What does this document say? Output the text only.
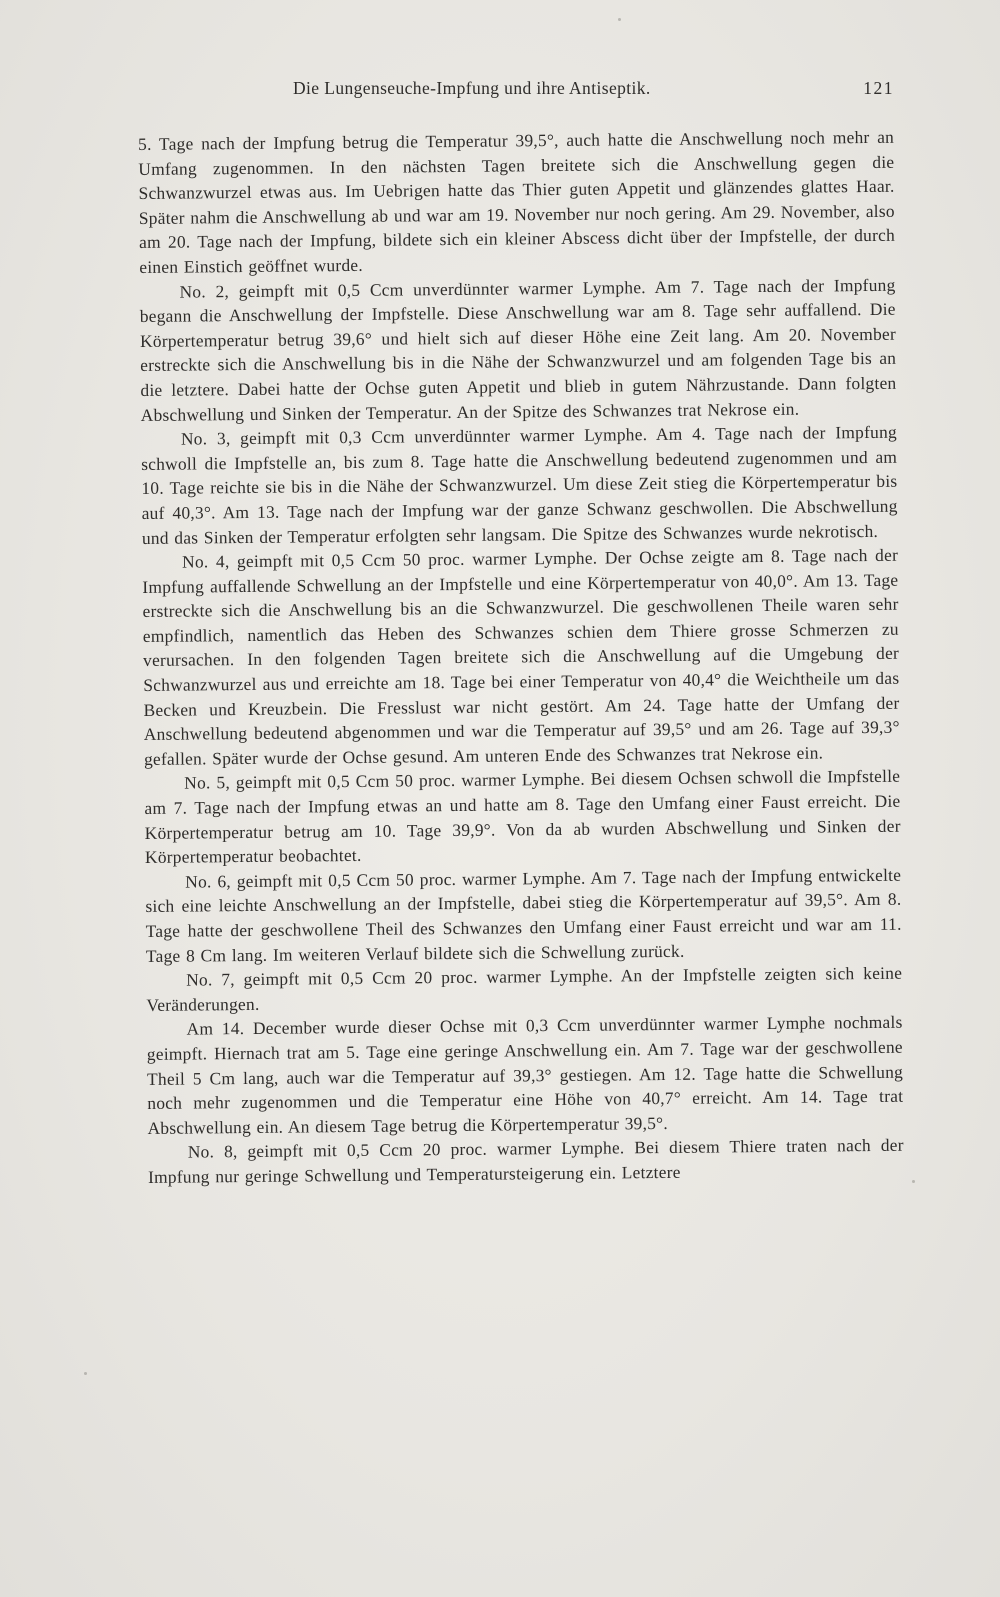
Die Lungenseuche-Impfung und ihre Antiseptik.	121

5. Tage nach der Impfung betrug die Temperatur 39,5°, auch hatte die Anschwellung noch mehr an Umfang zugenommen. In den nächsten Tagen breitete sich die Anschwellung gegen die Schwanzwurzel etwas aus. Im Uebrigen hatte das Thier guten Appetit und glänzendes glattes Haar. Später nahm die Anschwellung ab und war am 19. November nur noch gering. Am 29. November, also am 20. Tage nach der Impfung, bildete sich ein kleiner Abscess dicht über der Impfstelle, der durch einen Einstich geöffnet wurde.

No. 2, geimpft mit 0,5 Ccm unverdünnter warmer Lymphe. Am 7. Tage nach der Impfung begann die Anschwellung der Impfstelle. Diese Anschwellung war am 8. Tage sehr auffallend. Die Körpertemperatur betrug 39,6° und hielt sich auf dieser Höhe eine Zeit lang. Am 20. November erstreckte sich die Anschwellung bis in die Nähe der Schwanzwurzel und am folgenden Tage bis an die letztere. Dabei hatte der Ochse guten Appetit und blieb in gutem Nährzustande. Dann folgten Abschwellung und Sinken der Temperatur. An der Spitze des Schwanzes trat Nekrose ein.

No. 3, geimpft mit 0,3 Ccm unverdünnter warmer Lymphe. Am 4. Tage nach der Impfung schwoll die Impfstelle an, bis zum 8. Tage hatte die Anschwellung bedeutend zugenommen und am 10. Tage reichte sie bis in die Nähe der Schwanzwurzel. Um diese Zeit stieg die Körpertemperatur bis auf 40,3°. Am 13. Tage nach der Impfung war der ganze Schwanz geschwollen. Die Abschwellung und das Sinken der Temperatur erfolgten sehr langsam. Die Spitze des Schwanzes wurde nekrotisch.

No. 4, geimpft mit 0,5 Ccm 50 proc. warmer Lymphe. Der Ochse zeigte am 8. Tage nach der Impfung auffallende Schwellung an der Impfstelle und eine Körpertemperatur von 40,0°. Am 13. Tage erstreckte sich die Anschwellung bis an die Schwanzwurzel. Die geschwollenen Theile waren sehr empfindlich, namentlich das Heben des Schwanzes schien dem Thiere grosse Schmerzen zu verursachen. In den folgenden Tagen breitete sich die Anschwellung auf die Umgebung der Schwanzwurzel aus und erreichte am 18. Tage bei einer Temperatur von 40,4° die Weichtheile um das Becken und Kreuzbein. Die Fresslust war nicht gestört. Am 24. Tage hatte der Umfang der Anschwellung bedeutend abgenommen und war die Temperatur auf 39,5° und am 26. Tage auf 39,3° gefallen. Später wurde der Ochse gesund. Am unteren Ende des Schwanzes trat Nekrose ein.

No. 5, geimpft mit 0,5 Ccm 50 proc. warmer Lymphe. Bei diesem Ochsen schwoll die Impfstelle am 7. Tage nach der Impfung etwas an und hatte am 8. Tage den Umfang einer Faust erreicht. Die Körpertemperatur betrug am 10. Tage 39,9°. Von da ab wurden Abschwellung und Sinken der Körpertemperatur beobachtet.

No. 6, geimpft mit 0,5 Ccm 50 proc. warmer Lymphe. Am 7. Tage nach der Impfung entwickelte sich eine leichte Anschwellung an der Impfstelle, dabei stieg die Körpertemperatur auf 39,5°. Am 8. Tage hatte der geschwollene Theil des Schwanzes den Umfang einer Faust erreicht und war am 11. Tage 8 Cm lang. Im weiteren Verlauf bildete sich die Schwellung zurück.

No. 7, geimpft mit 0,5 Ccm 20 proc. warmer Lymphe. An der Impfstelle zeigten sich keine Veränderungen.

Am 14. December wurde dieser Ochse mit 0,3 Ccm unverdünnter warmer Lymphe nochmals geimpft. Hiernach trat am 5. Tage eine geringe Anschwellung ein. Am 7. Tage war der geschwollene Theil 5 Cm lang, auch war die Temperatur auf 39,3° gestiegen. Am 12. Tage hatte die Schwellung noch mehr zugenommen und die Temperatur eine Höhe von 40,7° erreicht. Am 14. Tage trat Abschwellung ein. An diesem Tage betrug die Körpertemperatur 39,5°.

No. 8, geimpft mit 0,5 Ccm 20 proc. warmer Lymphe. Bei diesem Thiere traten nach der Impfung nur geringe Schwellung und Temperatursteigerung ein. Letztere
